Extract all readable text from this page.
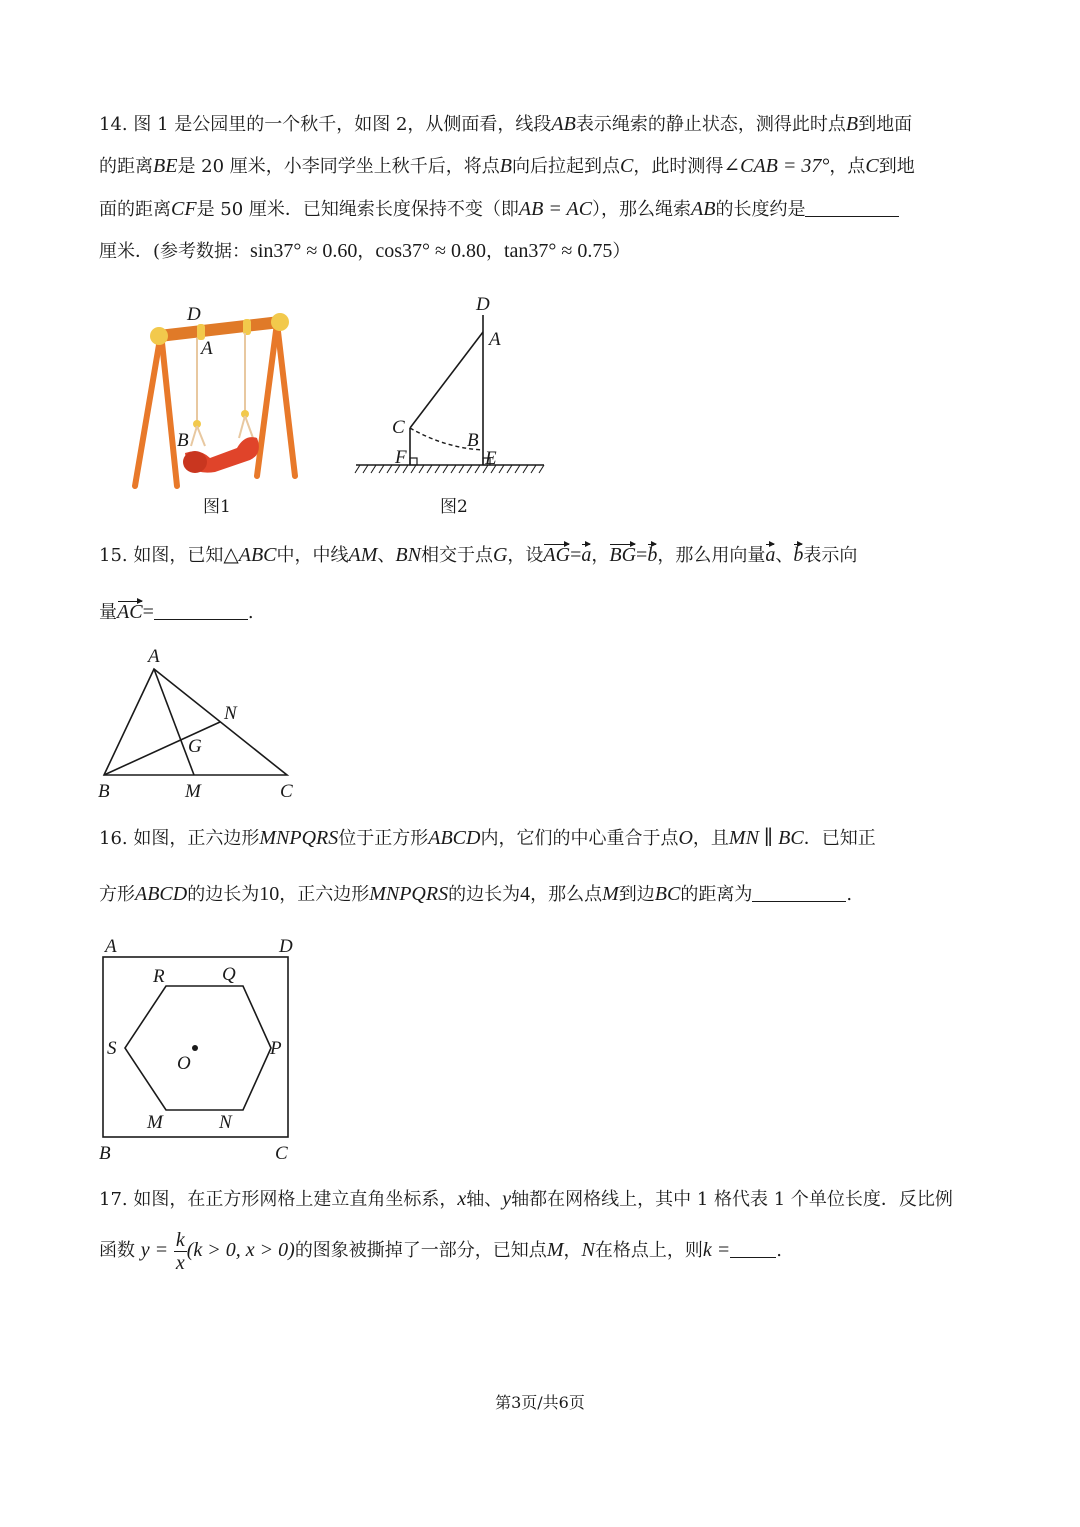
14. 图 1 是公园里的一个秋千，如图 2，从侧面看，线段AB表示绳索的静止状态，测得此时点B到地面
的距离BE是 20 厘米，小李同学坐上秋千后，将点B向后拉起到点C，此时测得∠CAB = 37°，点C到地
面的距离CF是 50 厘米．已知绳索长度保持不变（即AB = AC），那么绳索AB的长度约是
厘米．(参考数据：sin37° ≈ 0.60，cos37° ≈ 0.80，tan37° ≈ 0.75）
D
A
B
图1
D
A
C
B
F	E
图2
15. 如图，已知△ABC中，中线AM、BN相交于点G，设AG=a，BG=b，那么用向量a、b表示向
量AC=	.
A
N
G
B	M	C
16. 如图，正六边形MNPQRS位于正方形ABCD内，它们的中心重合于点O，且MN ∥ BC．已知正
方形ABCD的边长为10，正六边形MNPQRS的边长为4，那么点M到边BC的距离为	.
A	D
R	Q
S	P
O
M	N
B	C
17. 如图，在正方形网格上建立直角坐标系，x轴、y轴都在网格线上，其中 1 格代表 1 个单位长度．反比例
函数 $y = \frac{k}{x} (k > 0$, x > 0)的图象被撕掉了一部分，已知点M，N在格点上，则k =	.
第3页/共6页
